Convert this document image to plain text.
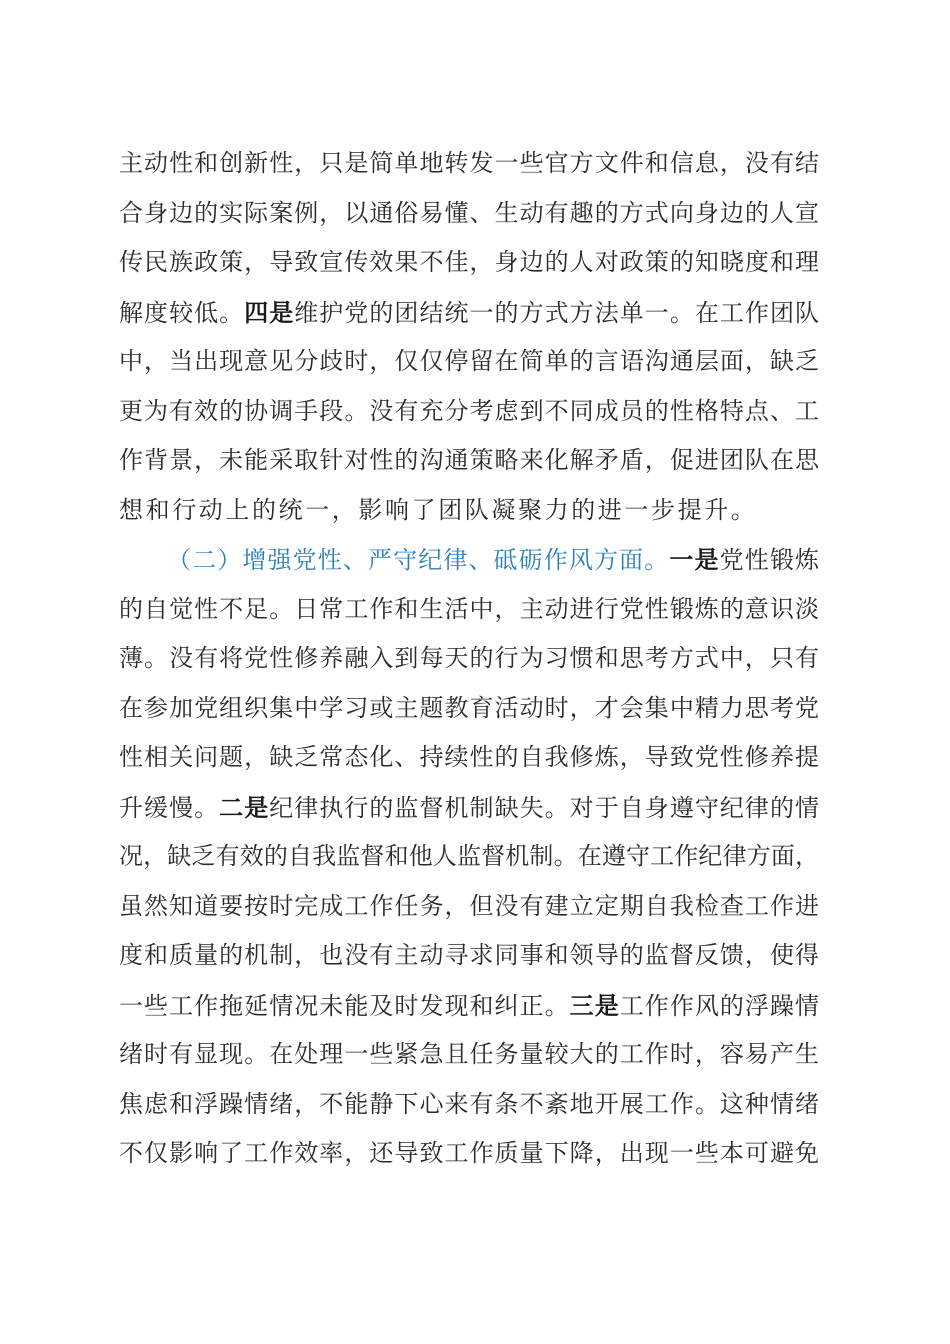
主动性和创新性，只是简单地转发一些官方文件和信息，没有结
合身边的实际案例，以通俗易懂、生动有趣的方式向身边的人宣
传民族政策，导致宣传效果不佳，身边的人对政策的知晓度和理
解度较低。四是维护党的团结统一的方式方法单一。在工作团队
中，当出现意见分歧时，仅仅停留在简单的言语沟通层面，缺乏
更为有效的协调手段。没有充分考虑到不同成员的性格特点、工
作背景，未能采取针对性的沟通策略来化解矛盾，促进团队在思
想和行动上的统一，影响了团队凝聚力的进一步提升。
（二）增强党性、严守纪律、砥砺作风方面。一是党性锻炼
的自觉性不足。日常工作和生活中，主动进行党性锻炼的意识淡
薄。没有将党性修养融入到每天的行为习惯和思考方式中，只有
在参加党组织集中学习或主题教育活动时，才会集中精力思考党
性相关问题，缺乏常态化、持续性的自我修炼，导致党性修养提
升缓慢。二是纪律执行的监督机制缺失。对于自身遵守纪律的情
况，缺乏有效的自我监督和他人监督机制。在遵守工作纪律方面，
虽然知道要按时完成工作任务，但没有建立定期自我检查工作进
度和质量的机制，也没有主动寻求同事和领导的监督反馈，使得
一些工作拖延情况未能及时发现和纠正。三是工作作风的浮躁情
绪时有显现。在处理一些紧急且任务量较大的工作时，容易产生
焦虑和浮躁情绪，不能静下心来有条不紊地开展工作。这种情绪
不仅影响了工作效率，还导致工作质量下降，出现一些本可避免
